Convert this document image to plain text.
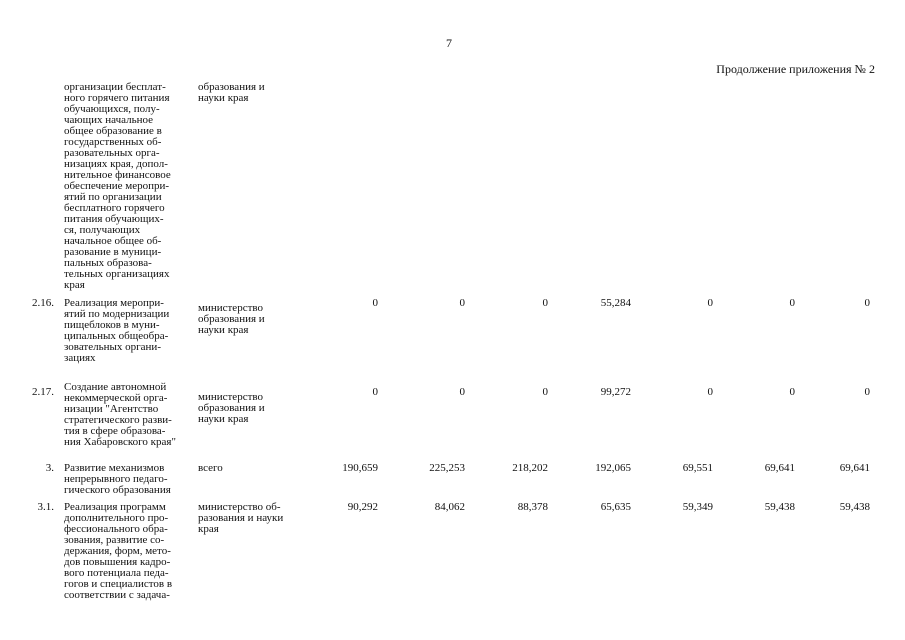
7
Продолжение приложения № 2
организации бесплат-
ного горячего питания
обучающихся, полу-
чающих начальное
общее образование в
государственных об-
разовательных орга-
низациях края, допол-
нительное финансовое
обеспечение меропри-
ятий по организации
бесплатного горячего
питания обучающих-
ся, получающих
начальное общее об-
разование в муници-
пальных образова-
тельных организациях
края
образования и
науки края
2.16. Реализация меропри-
ятий по модернизации
пищеблоков в муни-
ципальных общеобра-
зовательных органи-
зациях
министерство
образования и
науки края
0	0	0	55,284	0	0	0
2.17. Создание автономной
некоммерческой орга-
низации "Агентство
стратегического разви-
тия в сфере образова-
ния Хабаровского края"
министерство
образования и
науки края
0	0	0	99,272	0	0	0
3. Развитие механизмов
непрерывного педаго-
гического образования
всего	190,659	225,253	218,202	192,065	69,551	69,641	69,641
3.1. Реализация программ
дополнительного про-
фессионального обра-
зования, развитие со-
держания, форм, мето-
дов повышения кадро-
вого потенциала педа-
гогов и специалистов в
соответствии с задача-
министерство об-
разования и науки
края
90,292	84,062	88,378	65,635	59,349	59,438	59,438
